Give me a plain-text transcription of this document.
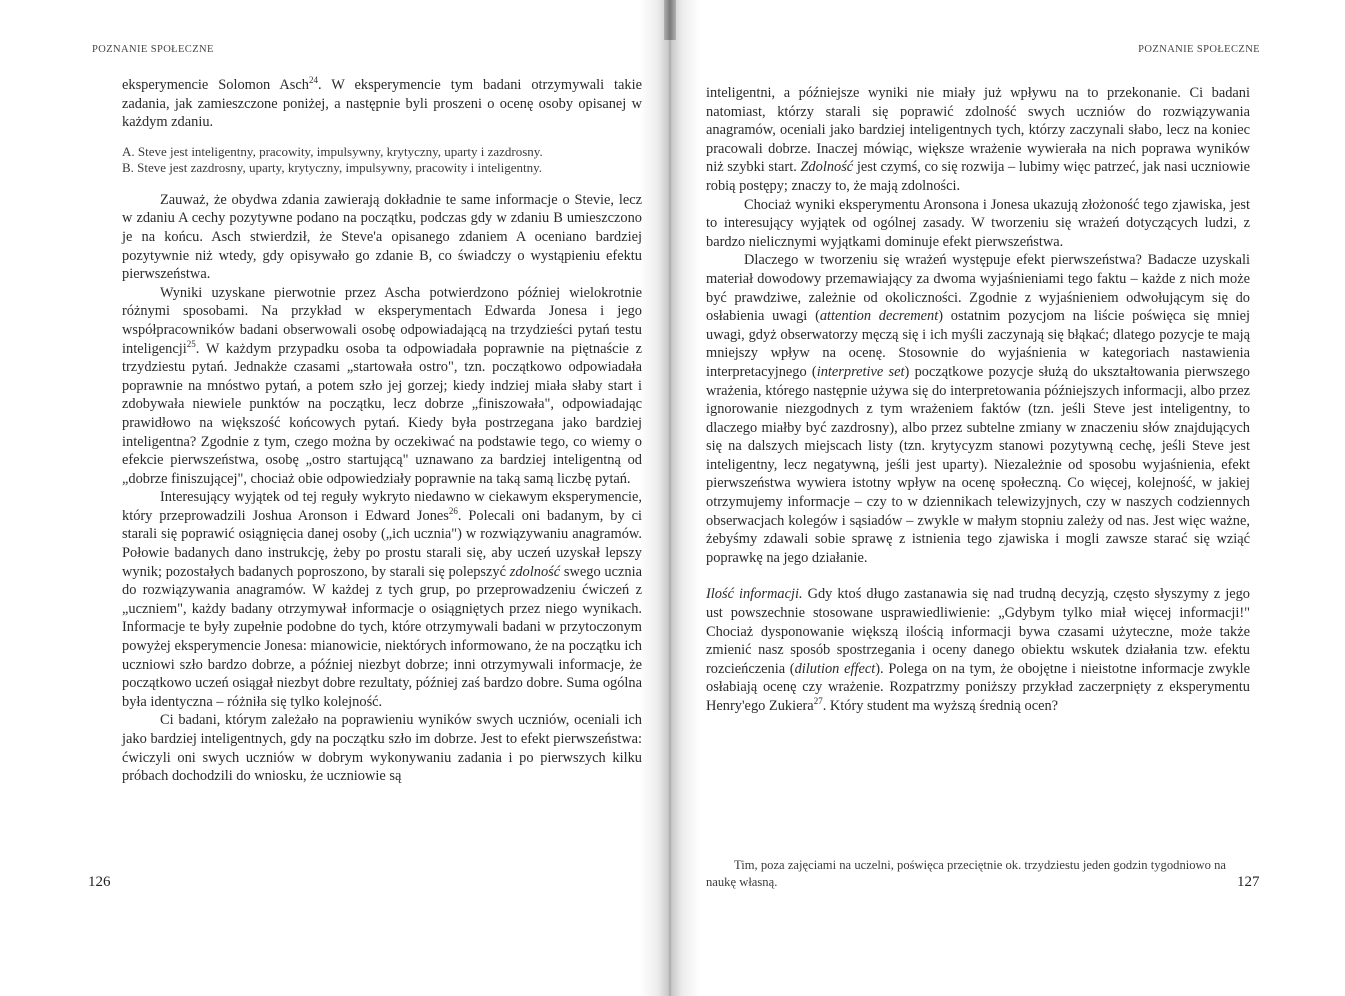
POZNANIE SPOŁECZNE

eksperymencie Solomon Asch$^{24}$. W eksperymencie tym badani otrzymywali takie zadania, jak zamieszczone poniżej, a następnie byli proszeni o ocenę osoby opisanej w każdym zdaniu.

A. Steve jest inteligentny, pracowity, impulsywny, krytyczny, uparty i zazdrosny.
B. Steve jest zazdrosny, uparty, krytyczny, impulsywny, pracowity i inteligentny.

Zauważ, że obydwa zdania zawierają dokładnie te same informacje o Stevie, lecz w zdaniu A cechy pozytywne podano na początku, podczas gdy w zdaniu B umieszczono je na końcu. Asch stwierdził, że Steve'a opisanego zdaniem A oceniano bardziej pozytywnie niż wtedy, gdy opisywało go zdanie B, co świadczy o wystąpieniu efektu pierwszeństwa.

Wyniki uzyskane pierwotnie przez Ascha potwierdzono później wielokrotnie różnymi sposobami. Na przykład w eksperymentach Edwarda Jonesa i jego współpracowników badani obserwowali osobę odpowiadającą na trzydzieści pytań testu inteligencji$^{25}$. W każdym przypadku osoba ta odpowiadała poprawnie na piętnaście z trzydziestu pytań. Jednakże czasami „startowała ostro", tzn. początkowo odpowiadała poprawnie na mnóstwo pytań, a potem szło jej gorzej; kiedy indziej miała słaby start i zdobywała niewiele punktów na początku, lecz dobrze „finiszowała", odpowiadając prawidłowo na większość końcowych pytań. Kiedy była postrzegana jako bardziej inteligentna? Zgodnie z tym, czego można by oczekiwać na podstawie tego, co wiemy o efekcie pierwszeństwa, osobę „ostro startującą" uznawano za bardziej inteligentną od „dobrze finiszującej", chociaż obie odpowiedziały poprawnie na taką samą liczbę pytań.

Interesujący wyjątek od tej reguły wykryto niedawno w ciekawym eksperymencie, który przeprowadzili Joshua Aronson i Edward Jones$^{26}$. Polecali oni badanym, by ci starali się poprawić osiągnięcia danej osoby („ich ucznia") w rozwiązywaniu anagramów. Połowie badanych dano instrukcję, żeby po prostu starali się, aby uczeń uzyskał lepszy wynik; pozostałych badanych poproszono, by starali się polepszyć zdolność swego ucznia do rozwiązywania anagramów. W każdej z tych grup, po przeprowadzeniu ćwiczeń z „uczniem", każdy badany otrzymywał informacje o osiągniętych przez niego wynikach. Informacje te były zupełnie podobne do tych, które otrzymywali badani w przytoczonym powyżej eksperymencie Jonesa: mianowicie, niektórych informowano, że na początku ich uczniowi szło bardzo dobrze, a później niezbyt dobrze; inni otrzymywali informacje, że początkowo uczeń osiągał niezbyt dobre rezultaty, później zaś bardzo dobre. Suma ogólna była identyczna – różniła się tylko kolejność.

Ci badani, którym zależało na poprawieniu wyników swych uczniów, oceniali ich jako bardziej inteligentnych, gdy na początku szło im dobrze. Jest to efekt pierwszeństwa: ćwiczyli oni swych uczniów w dobrym wykonywaniu zadania i po pierwszych kilku próbach dochodzili do wniosku, że uczniowie są

126
POZNANIE SPOŁECZNE

inteligentni, a późniejsze wyniki nie miały już wpływu na to przekonanie. Ci badani natomiast, którzy starali się poprawić zdolność swych uczniów do rozwiązywania anagramów, oceniali jako bardziej inteligentnych tych, którzy zaczynali słabo, lecz na koniec pracowali dobrze. Inaczej mówiąc, większe wrażenie wywierała na nich poprawa wyników niż szybki start. Zdolność jest czymś, co się rozwija – lubimy więc patrzeć, jak nasi uczniowie robią postępy; znaczy to, że mają zdolności.

Chociaż wyniki eksperymentu Aronsona i Jonesa ukazują złożoność tego zjawiska, jest to interesujący wyjątek od ogólnej zasady. W tworzeniu się wrażeń dotyczących ludzi, z bardzo nielicznymi wyjątkami dominuje efekt pierwszeństwa.

Dlaczego w tworzeniu się wrażeń występuje efekt pierwszeństwa? Badacze uzyskali materiał dowodowy przemawiający za dwoma wyjaśnieniami tego faktu – każde z nich może być prawdziwe, zależnie od okoliczności. Zgodnie z wyjaśnieniem odwołującym się do osłabienia uwagi (attention decrement) ostatnim pozycjom na liście poświęca się mniej uwagi, gdyż obserwatorzy męczą się i ich myśli zaczynają się błąkać; dlatego pozycje te mają mniejszy wpływ na ocenę. Stosownie do wyjaśnienia w kategoriach nastawienia interpretacyjnego (interpretive set) początkowe pozycje służą do ukształtowania pierwszego wrażenia, którego następnie używa się do interpretowania późniejszych informacji, albo przez ignorowanie niezgodnych z tym wrażeniem faktów (tzn. jeśli Steve jest inteligentny, to dlaczego miałby być zazdrosny), albo przez subtelne zmiany w znaczeniu słów znajdujących się na dalszych miejscach listy (tzn. krytycyzm stanowi pozytywną cechę, jeśli Steve jest inteligentny, lecz negatywną, jeśli jest uparty). Niezależnie od sposobu wyjaśnienia, efekt pierwszeństwa wywiera istotny wpływ na ocenę społeczną. Co więcej, kolejność, w jakiej otrzymujemy informacje – czy to w dziennikach telewizyjnych, czy w naszych codziennych obserwacjach kolegów i sąsiadów – zwykle w małym stopniu zależy od nas. Jest więc ważne, żebyśmy zdawali sobie sprawę z istnienia tego zjawiska i mogli zawsze starać się wziąć poprawkę na jego działanie.

Ilość informacji. Gdy ktoś długo zastanawia się nad trudną decyzją, często słyszymy z jego ust powszechnie stosowane usprawiedliwienie: „Gdybym tylko miał więcej informacji!" Chociaż dysponowanie większą ilością informacji bywa czasami użyteczne, może także zmienić nasz sposób spostrzegania i oceny danego obiektu wskutek działania tzw. efektu rozcieńczenia (dilution effect). Polega on na tym, że obojętne i nieistotne informacje zwykle osłabiają ocenę czy wrażenie. Rozpatrzmy poniższy przykład zaczerpnięty z eksperymentu Henry'ego Zukiera$^{27}$. Który student ma wyższą średnią ocen?

Tim, poza zajęciami na uczelni, poświęca przeciętnie ok. trzydziestu jeden godzin tygodniowo na naukę własną.	127
